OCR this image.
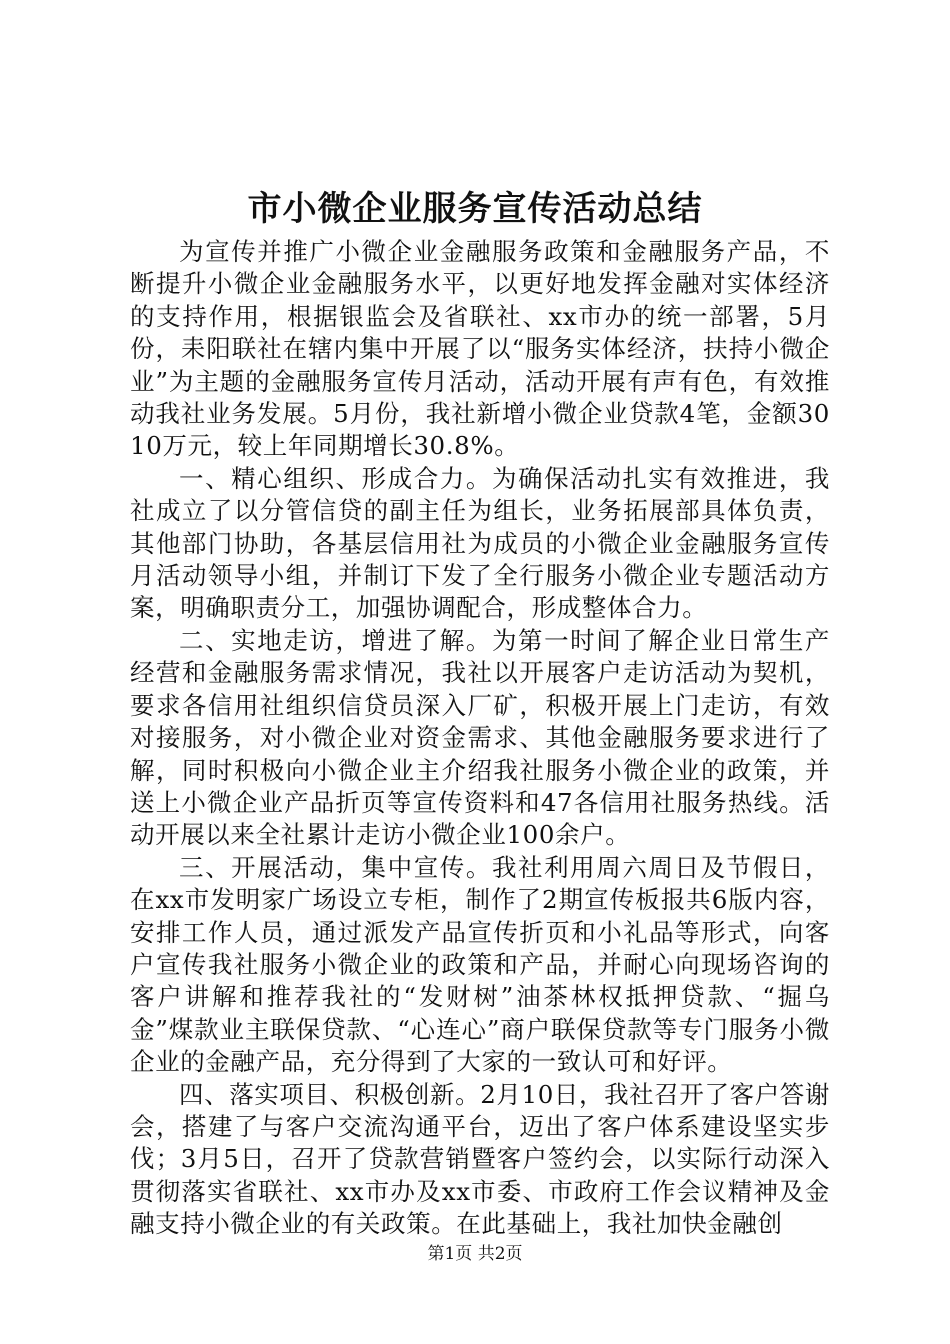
市小微企业服务宣传活动总结

为宣传并推广小微企业金融服务政策和金融服务产品，不断提升小微企业金融服务水平，以更好地发挥金融对实体经济的支持作用，根据银监会及省联社、xx市办的统一部署，5月份，耒阳联社在辖内集中开展了以“服务实体经济，扶持小微企业”为主题的金融服务宣传月活动，活动开展有声有色，有效推动我社业务发展。5月份，我社新增小微企业贷款4笔，金额3010万元，较上年同期增长30.8%。

一、精心组织、形成合力。为确保活动扎实有效推进，我社成立了以分管信贷的副主任为组长，业务拓展部具体负责，其他部门协助，各基层信用社为成员的小微企业金融服务宣传月活动领导小组，并制订下发了全行服务小微企业专题活动方案，明确职责分工，加强协调配合，形成整体合力。

二、实地走访，增进了解。为第一时间了解企业日常生产经营和金融服务需求情况，我社以开展客户走访活动为契机，要求各信用社组织信贷员深入厂矿，积极开展上门走访，有效对接服务，对小微企业对资金需求、其他金融服务要求进行了解，同时积极向小微企业主介绍我社服务小微企业的政策，并送上小微企业产品折页等宣传资料和47各信用社服务热线。活动开展以来全社累计走访小微企业100余户。

三、开展活动，集中宣传。我社利用周六周日及节假日，在xx市发明家广场设立专柜，制作了2期宣传板报共6版内容，安排工作人员，通过派发产品宣传折页和小礼品等形式，向客户宣传我社服务小微企业的政策和产品，并耐心向现场咨询的客户讲解和推荐我社的“发财树”油茶林权抵押贷款、“掘乌金”煤款业主联保贷款、“心连心”商户联保贷款等专门服务小微企业的金融产品，充分得到了大家的一致认可和好评。

四、落实项目、积极创新。2月10日，我社召开了客户答谢会，搭建了与客户交流沟通平台，迈出了客户体系建设坚实步伐；3月5日，召开了贷款营销暨客户签约会，以实际行动深入贯彻落实省联社、xx市办及xx市委、市政府工作会议精神及金融支持小微企业的有关政策。在此基础上，我社加快金融创

第1页 共2页
